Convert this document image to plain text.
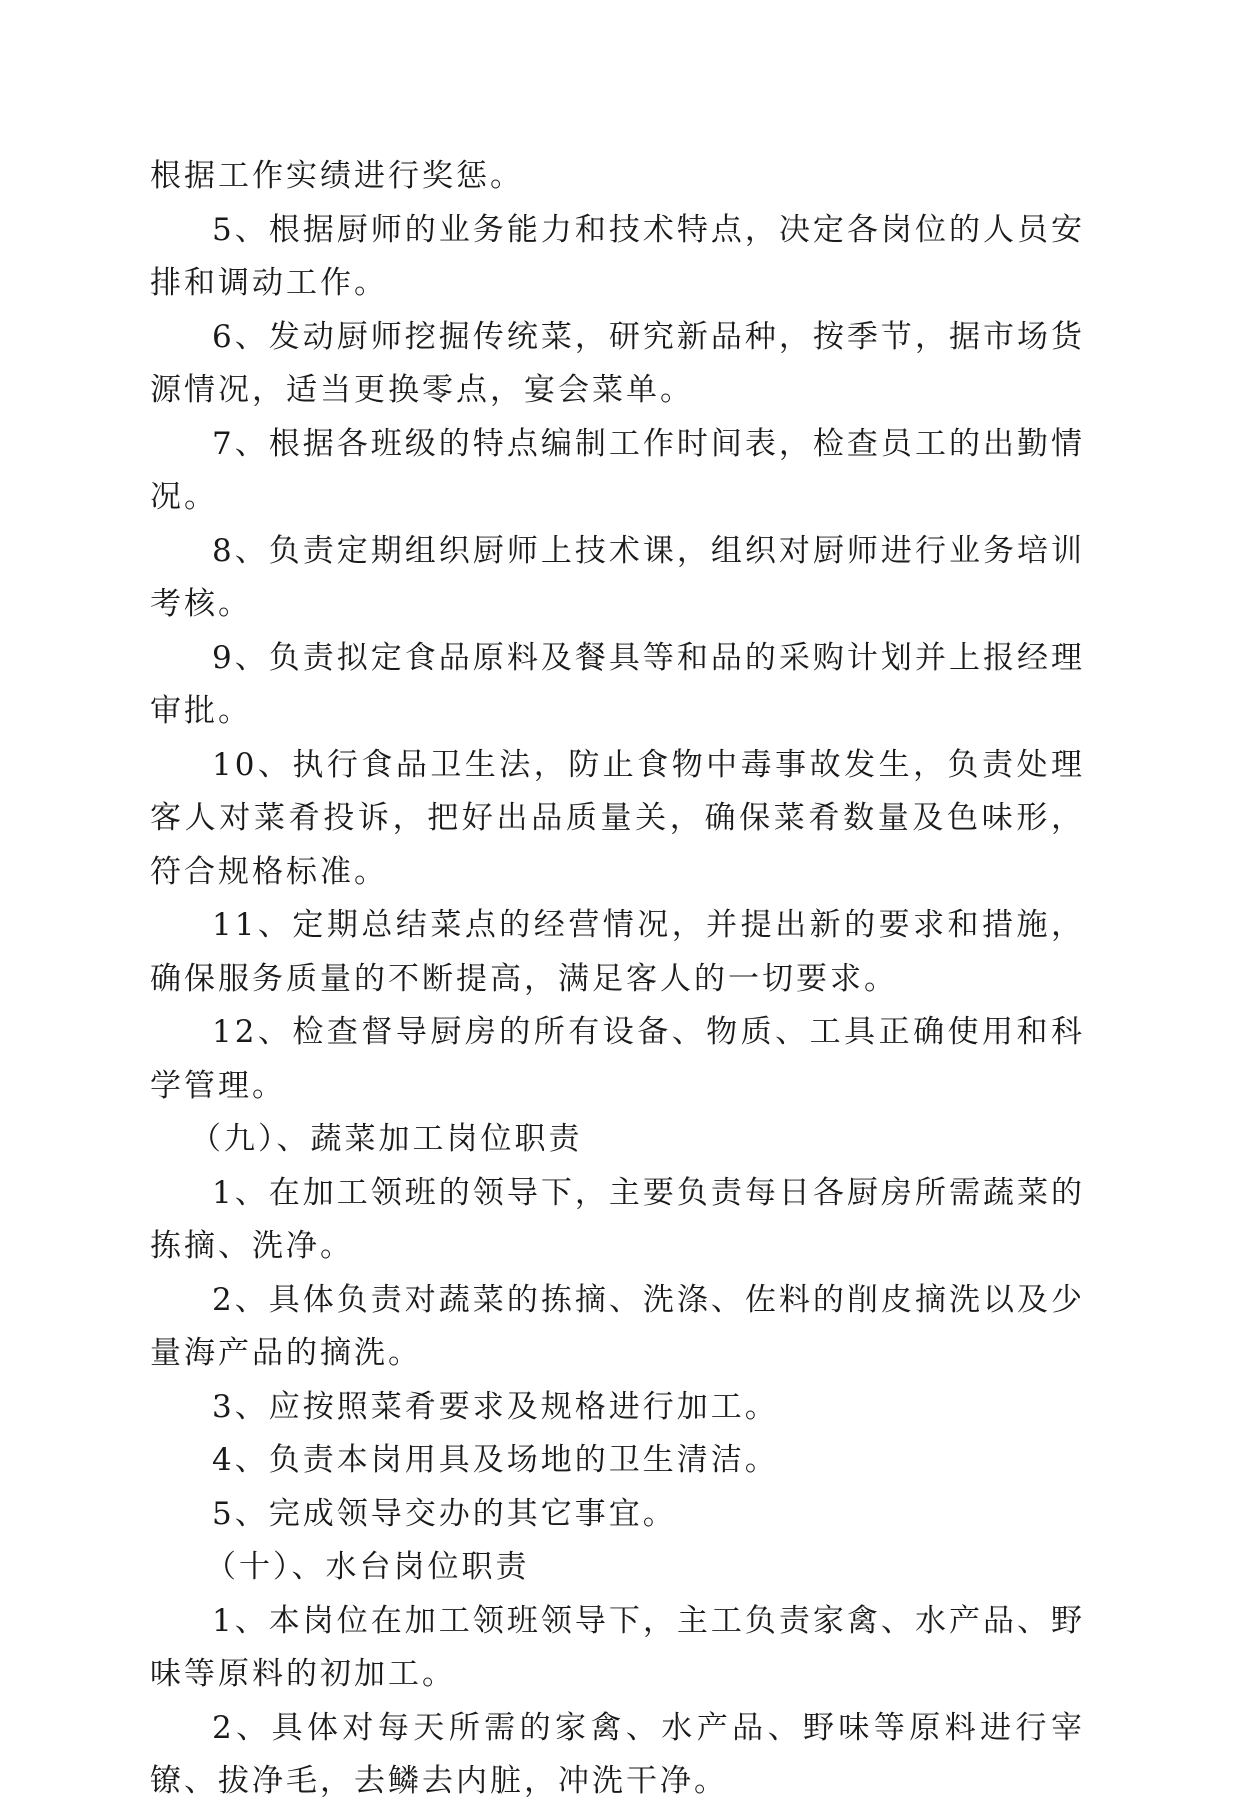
根据工作实绩进行奖惩。

5、根据厨师的业务能力和技术特点，决定各岗位的人员安排和调动工作。

6、发动厨师挖掘传统菜，研究新品种，按季节，据市场货源情况，适当更换零点，宴会菜单。

7、根据各班级的特点编制工作时间表，检查员工的出勤情况。

8、负责定期组织厨师上技术课，组织对厨师进行业务培训考核。

9、负责拟定食品原料及餐具等和品的采购计划并上报经理审批。

10、执行食品卫生法，防止食物中毒事故发生，负责处理客人对菜肴投诉，把好出品质量关，确保菜肴数量及色味形，符合规格标准。

11、定期总结菜点的经营情况，并提出新的要求和措施，确保服务质量的不断提高，满足客人的一切要求。

12、检查督导厨房的所有设备、物质、工具正确使用和科学管理。

（九）、蔬菜加工岗位职责

1、在加工领班的领导下，主要负责每日各厨房所需蔬菜的拣摘、洗净。

2、具体负责对蔬菜的拣摘、洗涤、佐料的削皮摘洗以及少量海产品的摘洗。

3、应按照菜肴要求及规格进行加工。

4、负责本岗用具及场地的卫生清洁。

5、完成领导交办的其它事宜。

（十）、水台岗位职责

1、本岗位在加工领班领导下，主工负责家禽、水产品、野味等原料的初加工。

2、具体对每天所需的家禽、水产品、野味等原料进行宰镣、拔净毛，去鳞去内脏，冲洗干净。
